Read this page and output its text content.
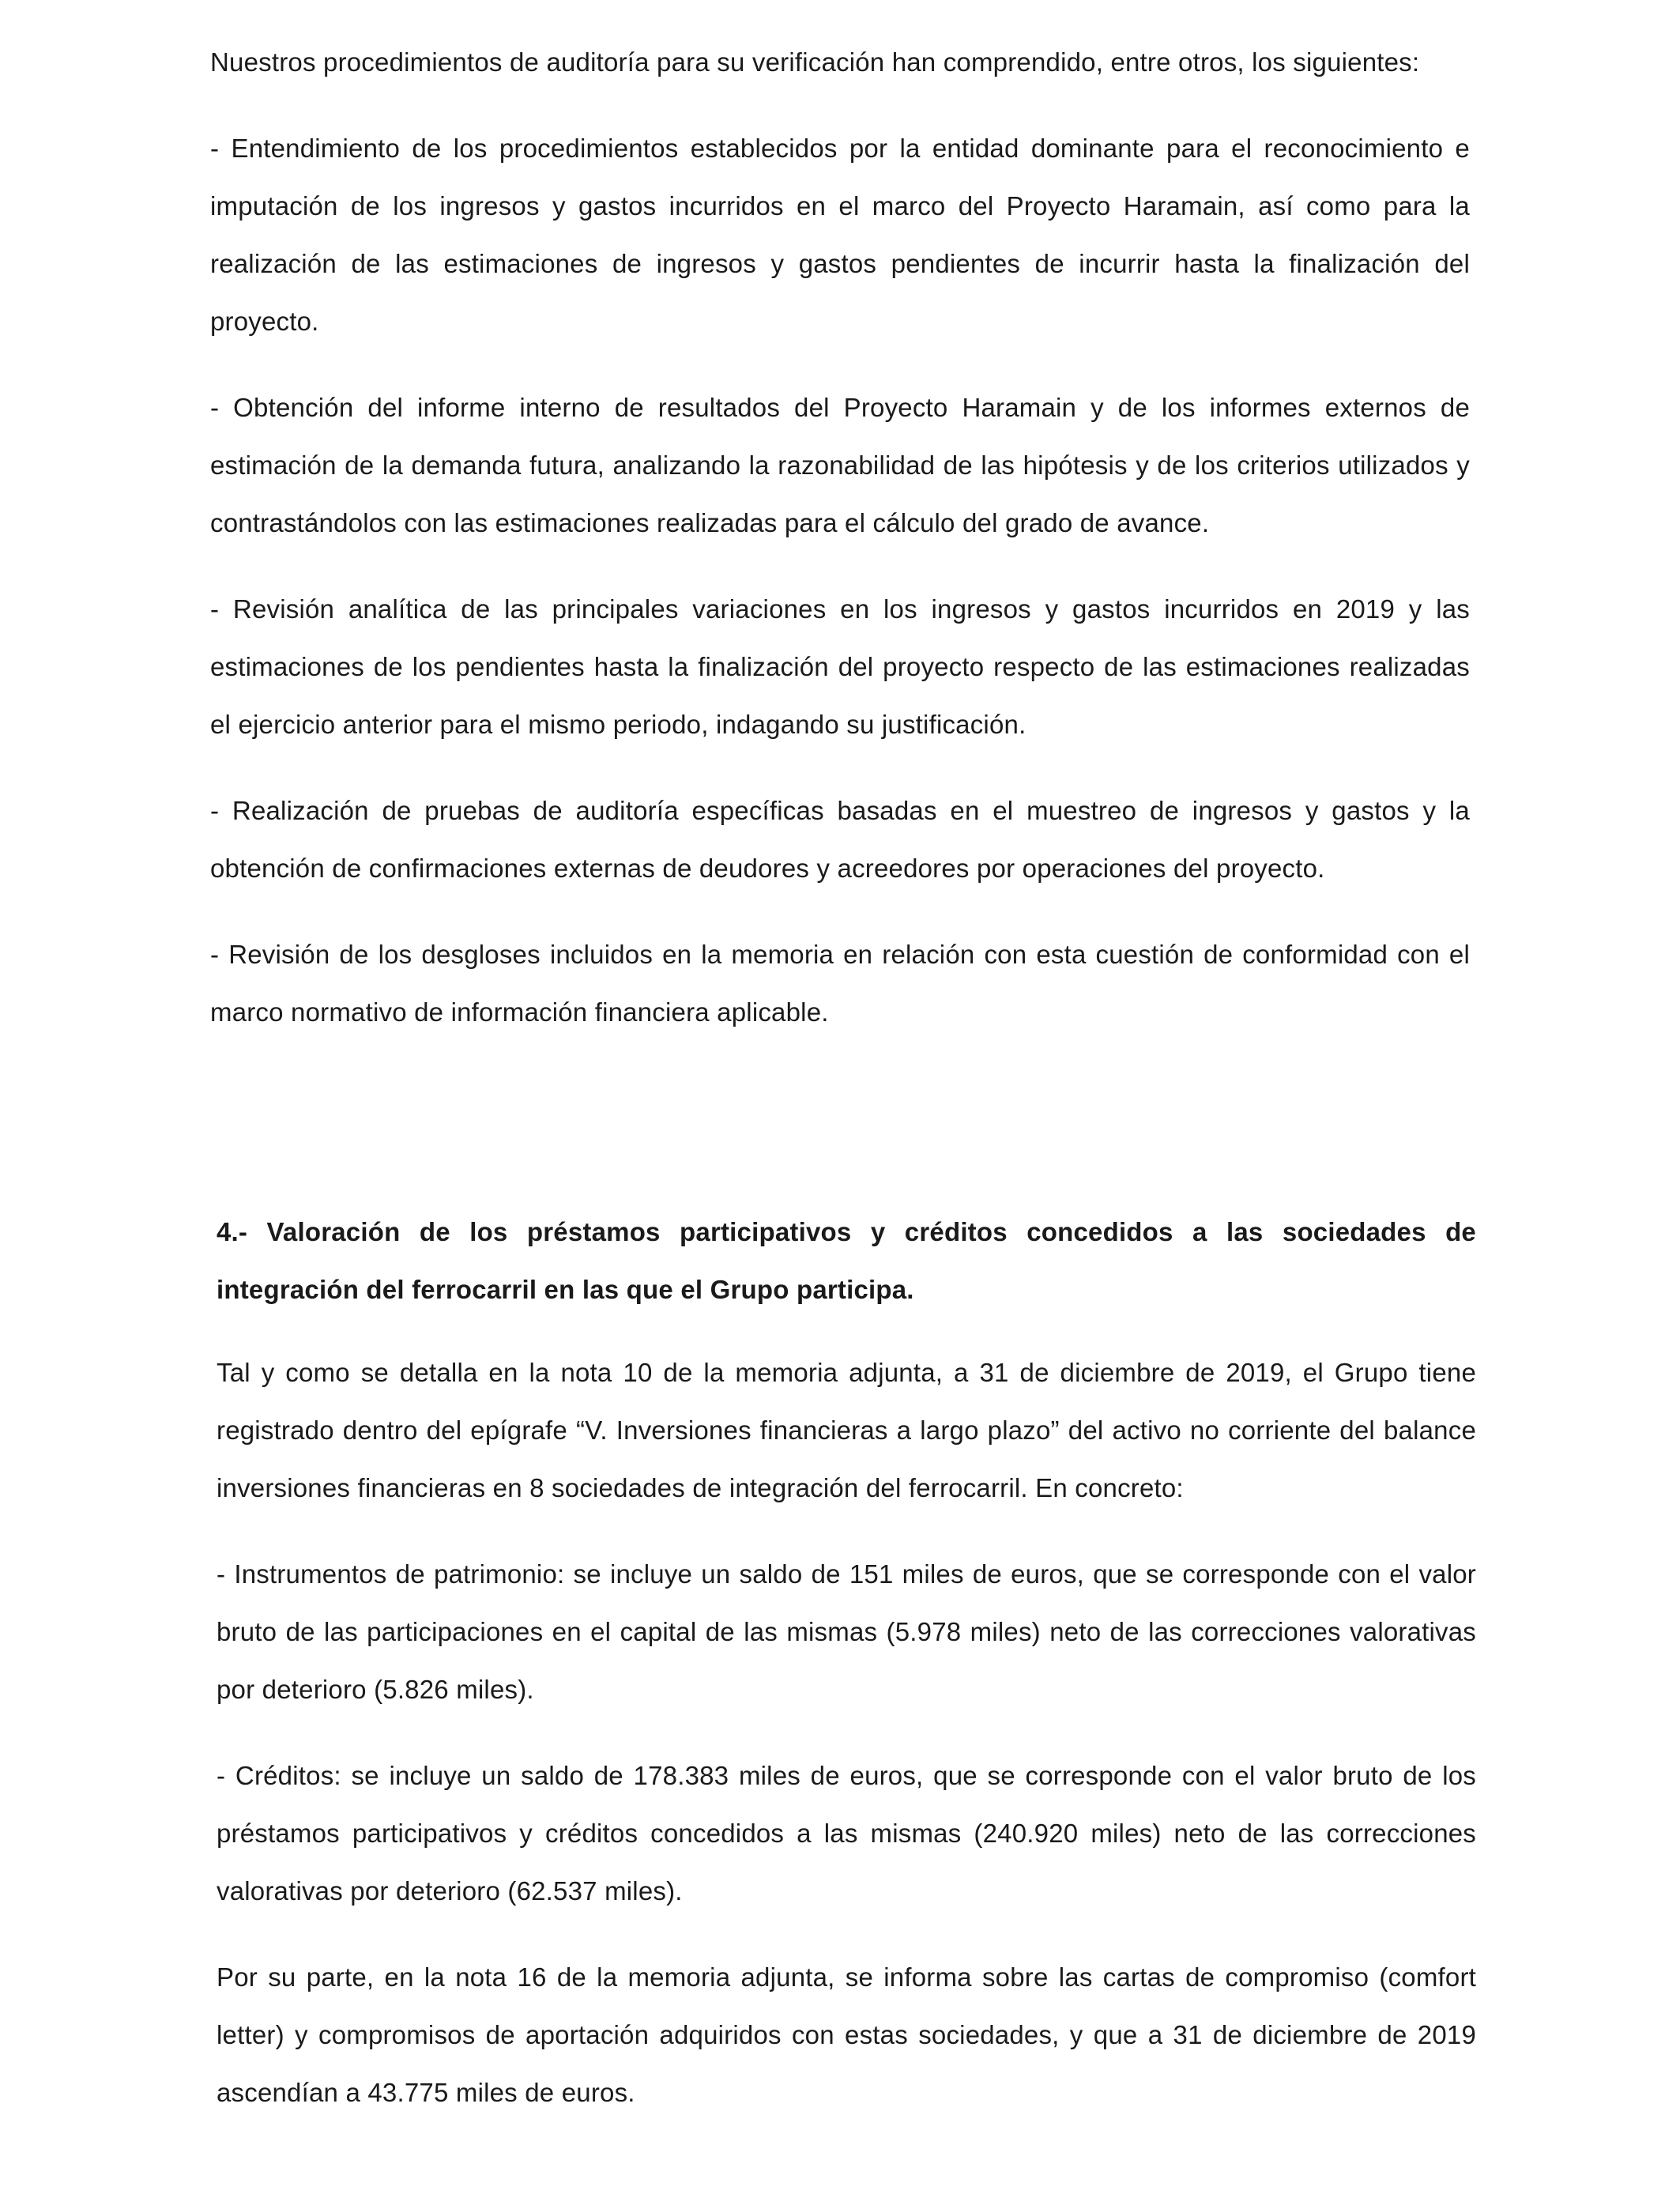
Nuestros procedimientos de auditoría para su verificación han comprendido, entre otros, los siguientes:

- Entendimiento de los procedimientos establecidos por la entidad dominante para el reconocimiento e imputación de los ingresos y gastos incurridos en el marco del Proyecto Haramain, así como para la realización de las estimaciones de ingresos y gastos pendientes de incurrir hasta la finalización del proyecto.

- Obtención del informe interno de resultados del Proyecto Haramain y de los informes externos de estimación de la demanda futura, analizando la razonabilidad de las hipótesis y de los criterios utilizados y contrastándolos con las estimaciones realizadas para el cálculo del grado de avance.

- Revisión analítica de las principales variaciones en los ingresos y gastos incurridos en 2019 y las estimaciones de los pendientes hasta la finalización del proyecto respecto de las estimaciones realizadas el ejercicio anterior para el mismo periodo, indagando su justificación.

- Realización de pruebas de auditoría específicas basadas en el muestreo de ingresos y gastos y la obtención de confirmaciones externas de deudores y acreedores por operaciones del proyecto.

- Revisión de los desgloses incluidos en la memoria en relación con esta cuestión de conformidad con el marco normativo de información financiera aplicable.

4.- Valoración de los préstamos participativos y créditos concedidos a las sociedades de integración del ferrocarril en las que el Grupo participa.

Tal y como se detalla en la nota 10 de la memoria adjunta, a 31 de diciembre de 2019, el Grupo tiene registrado dentro del epígrafe “V. Inversiones financieras a largo plazo” del activo no corriente del balance inversiones financieras en 8 sociedades de integración del ferrocarril. En concreto:

- Instrumentos de patrimonio: se incluye un saldo de 151 miles de euros, que se corresponde con el valor bruto de las participaciones en el capital de las mismas (5.978 miles) neto de las correcciones valorativas por deterioro (5.826 miles).

- Créditos: se incluye un saldo de 178.383 miles de euros, que se corresponde con el valor bruto de los préstamos participativos y créditos concedidos a las mismas (240.920 miles) neto de las correcciones valorativas por deterioro (62.537 miles).

Por su parte, en la nota 16 de la memoria adjunta, se informa sobre las cartas de compromiso (comfort letter) y compromisos de aportación adquiridos con estas sociedades, y que a 31 de diciembre de 2019 ascendían a 43.775 miles de euros.
